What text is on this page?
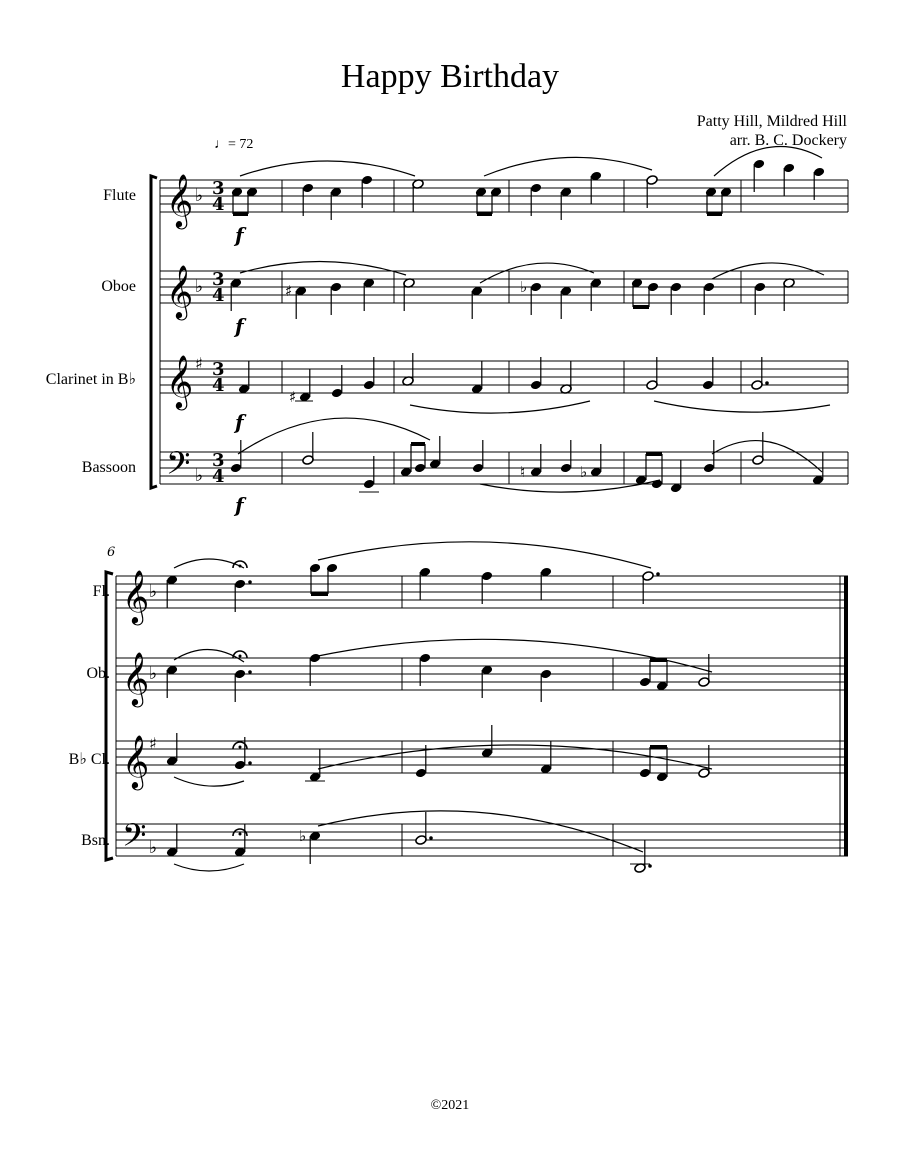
Happy Birthday
Patty Hill, Mildred Hill
arr. B. C. Dockery
♩= 72
Flute
Oboe
Clarinet in B♭
Bassoon
Fl.
Ob.
B♭ Cl.
Bsn.
©2021
𝄞 3
4
𝄞 3
4
𝄞 3
4
𝄢 3
4
♭
♭
♯
♭
f
f
f
f
♯	♭
♯
♮	♭
𝄞
𝄞
𝄞
𝄢
♭
♭
♯
♭
6
♭
